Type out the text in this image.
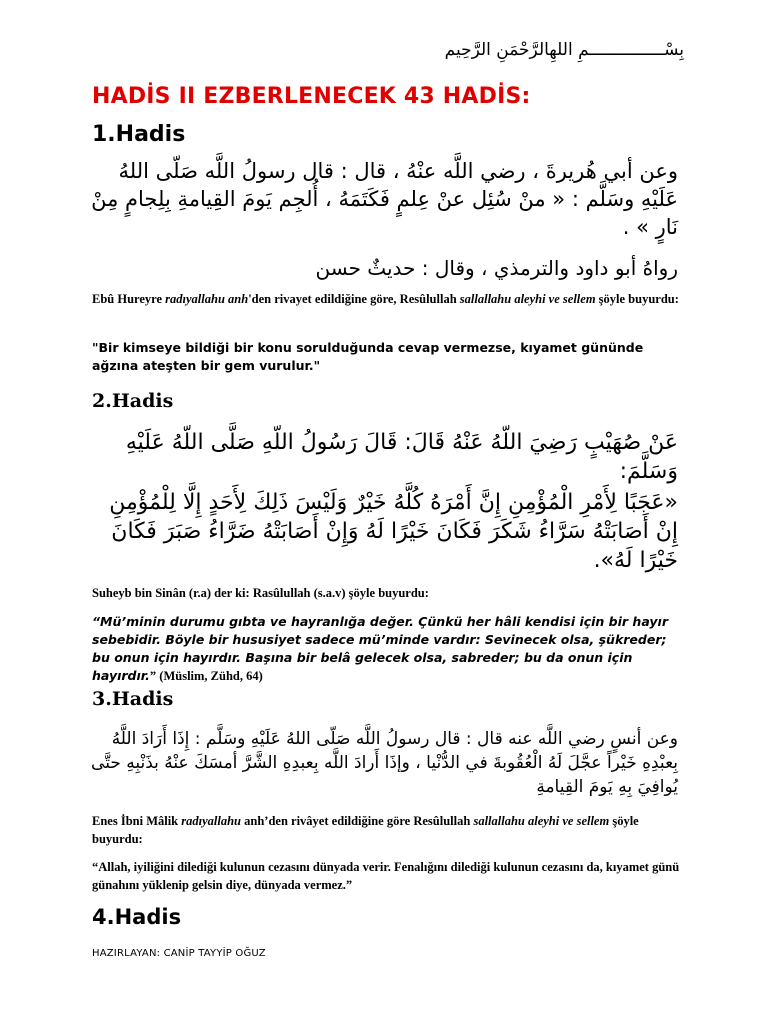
بِسْـــــــــــــــمِ اللهِالرَّحْمَنِ الرَّحِيم
HADİS II EZBERLENECEK 43 HADİS:
1.Hadis

وعن أبي هُريرةَ ، رضي اللَّه عنْهُ ، قال : قال رسولُ اللَّه صَلّى اللهُ عَلَيْهِ وسَلَّم : « منْ سُئِل عنْ عِلمٍ فَكَتَمَهُ ، أُلجِم يَومَ القِيامةِ بِلِجامٍ مِنْ نَارٍ » .

رواهُ أبو داود والترمذي ، وقال : حديثٌ حسن

Ebû Hureyre radıyallahu anh'den rivayet edildiğine göre, Resûlullah sallallahu aleyhi ve sellem şöyle buyurdu:

"Bir kimseye bildiği bir konu sorulduğunda cevap vermezse, kıyamet gününde ağzına ateşten bir gem vurulur."

2.Hadis

عَنْ صُهَيْبٍ رَضِيَ اللّهُ عَنْهُ قَالَ: قَالَ رَسُولُ اللّهِ صَلَّى اللّهُ عَلَيْهِ وَسَلَّمَ:

«عَجَبًا لِأَمْرِ الْمُؤْمِنِ إِنَّ أَمْرَهُ كُلَّهُ خَيْرٌ وَلَيْسَ ذَلِكَ لِأَحَدٍ إِلَّا لِلْمُؤْمِنِ إِنْ أَصَابَتْهُ سَرَّاءُ شَكَرَ فَكَانَ خَيْرًا لَهُ وَإِنْ أَصَابَتْهُ ضَرَّاءُ صَبَرَ فَكَانَ خَيْرًا لَهُ».

Suheyb bin Sinân (r.a) der ki: Rasûlullah (s.a.v) şöyle buyurdu:

“Mü’minin durumu gıbta ve hayranlığa değer. Çünkü her hâli kendisi için bir hayır sebebidir. Böyle bir hususiyet sadece mü’minde vardır: Sevinecek olsa, şükreder; bu onun için hayırdır. Başına bir belâ gelecek olsa, sabreder; bu da onun için hayırdır.” (Müslim, Zühd, 64)

3.Hadis

وعن أنسٍ رضي اللَّه عنه قال : قال رسولُ اللَّه صَلّى اللهُ عَلَيْهِ وسَلَّم : إِذَا أَرَادَ اللَّهُ بِعبْدِهِ خَيْراً عجَّلَ لَهُ الْعُقُوبةَ في الدُّنْيا ، وإذَا أَرادَ اللَّه بِعبدِهِ الشَّرَّ أمسَكَ عنْهُ بذَنْبِهِ حتَّى يُوافِيَ بِهِ يَومَ القِيامةِ

Enes İbni Mâlik radıyallahu anh’den rivâyet edildiğine göre Resûlullah sallallahu aleyhi ve sellem şöyle buyurdu:

“Allah, iyiliğini dilediği kulunun cezasını dünyada verir. Fenalığını dilediği kulunun cezasını da, kıyamet günü günahını yüklenip gelsin diye, dünyada vermez.”

4.Hadis

HAZIRLAYAN: CANİP TAYYİP OĞUZ
